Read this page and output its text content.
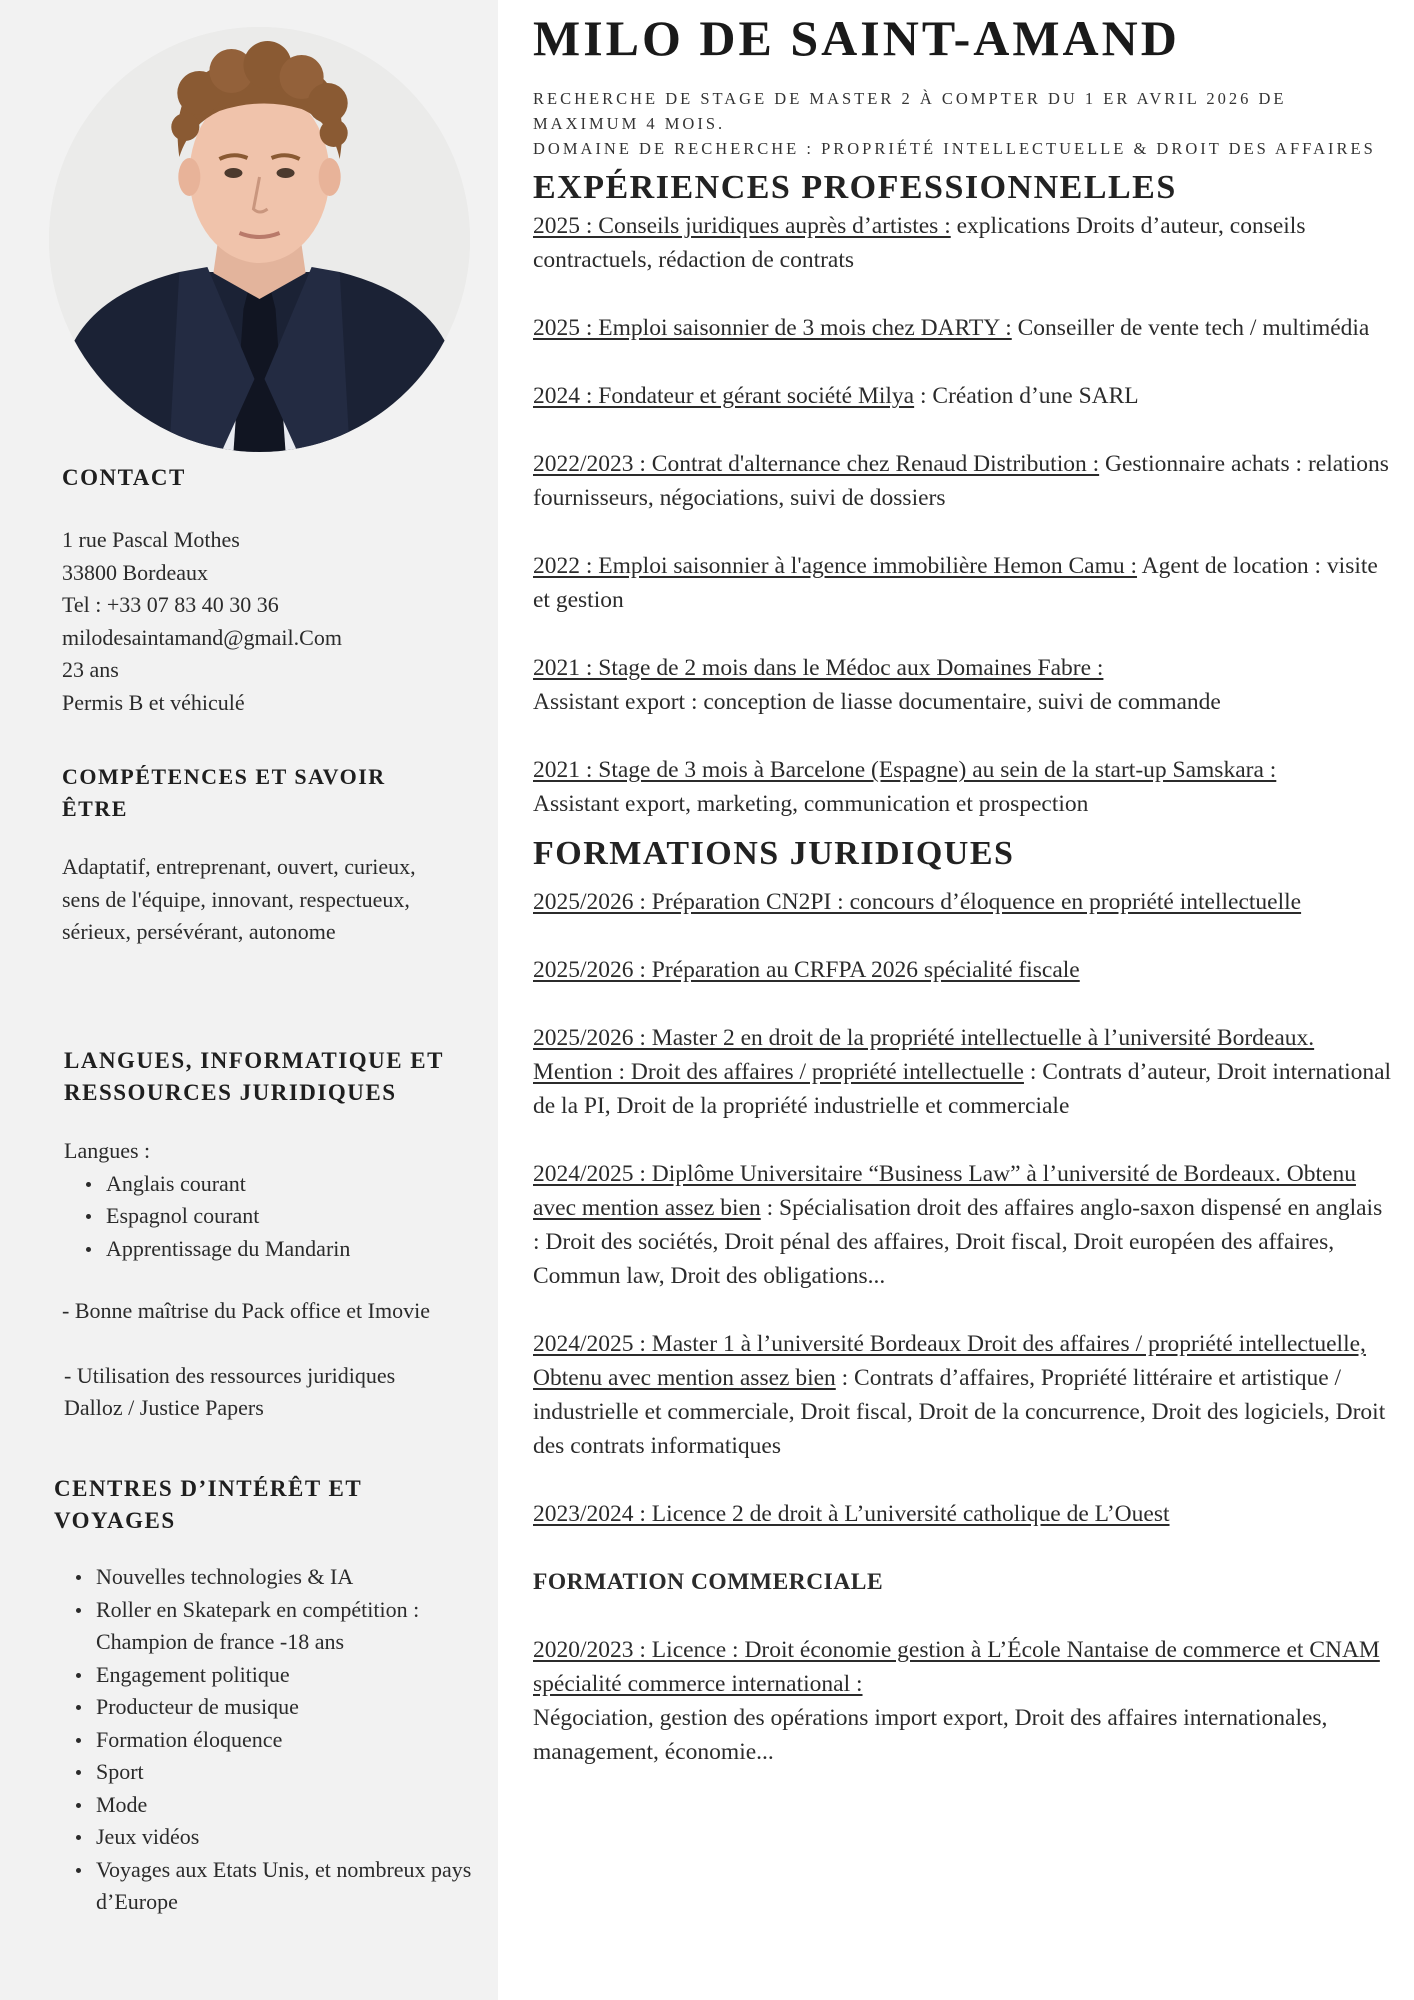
CONTACT

1 rue Pascal Mothes

33800 Bordeaux

Tel : +33 07 83 40 30 36

milodesaintamand@gmail.Com

23 ans

Permis B et véhiculé

COMPÉTENCES ET SAVOIR ÊTRE

Adaptatif, entreprenant, ouvert, curieux, sens de l'équipe, innovant, respectueux, sérieux, persévérant, autonome

LANGUES, INFORMATIQUE ET RESSOURCES JURIDIQUES

Langues :

Anglais courant
Espagnol courant
Apprentissage du Mandarin

- Bonne maîtrise du Pack office et Imovie

- Utilisation des ressources juridiques Dalloz / Justice Papers

CENTRES D’INTÉRÊT ET VOYAGES

Nouvelles technologies & IA
Roller en Skatepark en compétition : Champion de france -18 ans
Engagement politique
Producteur de musique
Formation éloquence
Sport
Mode
Jeux vidéos
Voyages aux Etats Unis, et nombreux pays d’Europe
MILO DE SAINT-AMAND

RECHERCHE DE STAGE DE MASTER 2 À COMPTER DU 1 ER AVRIL 2026 DE MAXIMUM 4 MOIS.

DOMAINE DE RECHERCHE : PROPRIÉTÉ INTELLECTUELLE & DROIT DES AFFAIRES

EXPÉRIENCES PROFESSIONNELLES

2025 : Conseils juridiques auprès d’artistes : explications Droits d’auteur, conseils contractuels, rédaction de contrats

2025 : Emploi saisonnier de 3 mois chez DARTY : Conseiller de vente tech / multimédia

2024 : Fondateur et gérant société Milya : Création d’une SARL

2022/2023 : Contrat d'alternance chez Renaud Distribution : Gestionnaire achats : relations fournisseurs, négociations, suivi de dossiers

2022 : Emploi saisonnier à l'agence immobilière Hemon Camu : Agent de location : visite et gestion

2021 : Stage de 2 mois dans le Médoc aux Domaines Fabre :
Assistant export : conception de liasse documentaire, suivi de commande

2021 : Stage de 3 mois à Barcelone (Espagne) au sein de la start-up Samskara :

Assistant export, marketing, communication et prospection

FORMATIONS JURIDIQUES

2025/2026 : Préparation CN2PI : concours d’éloquence en propriété intellectuelle

2025/2026 : Préparation au CRFPA 2026 spécialité fiscale

2025/2026 : Master 2 en droit de la propriété intellectuelle à l’université Bordeaux. Mention : Droit des affaires / propriété intellectuelle : Contrats d’auteur, Droit international de la PI, Droit de la propriété industrielle et commerciale

2024/2025 : Diplôme Universitaire “Business Law” à l’université de Bordeaux. Obtenu avec mention assez bien : Spécialisation droit des affaires anglo-saxon dispensé en anglais : Droit des sociétés, Droit pénal des affaires, Droit fiscal, Droit européen des affaires, Commun law, Droit des obligations...

2024/2025 : Master 1 à l’université Bordeaux Droit des affaires / propriété intellectuelle, Obtenu avec mention assez bien : Contrats d’affaires, Propriété littéraire et artistique / industrielle et commerciale, Droit fiscal, Droit de la concurrence, Droit des logiciels, Droit des contrats informatiques

2023/2024 : Licence 2 de droit à L’université catholique de L’Ouest

FORMATION COMMERCIALE

2020/2023 : Licence : Droit économie gestion à L’École Nantaise de commerce et CNAM spécialité commerce international :
Négociation, gestion des opérations import export, Droit des affaires internationales, management, économie...
